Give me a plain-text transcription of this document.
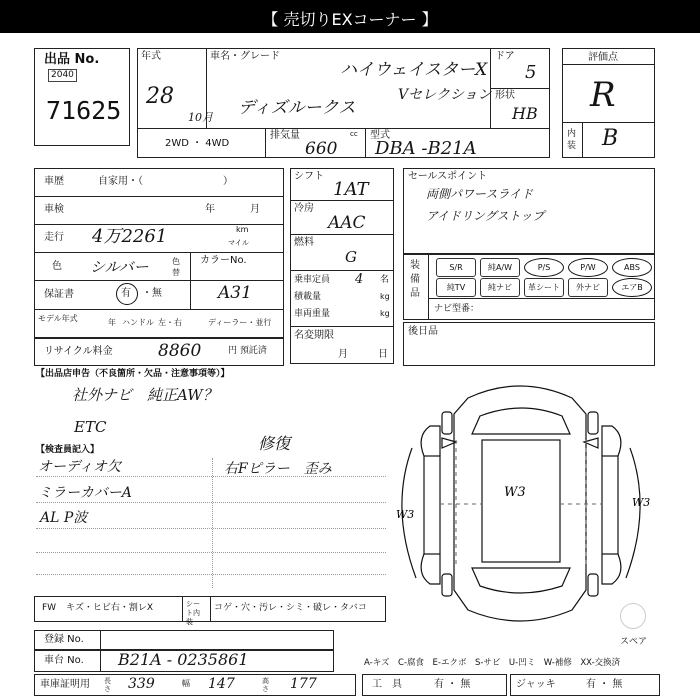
【 売切りEXコーナー 】
出品 No.
2040
71625
年式
28
10月
車名・グレード
ハイウェイスターX
Vセレクション
ディズルークス
ドア
5
形状
HB
2WD ・ 4WD
排気量	cc
660
型式
DBA -B21A
評価点
R
内装 B
車歴	自家用・（　　　　　　　　）
車検	年	月
走行 4万2261	km
マイル
色 シルバー	色替
カラーNo.
A31
保証書	有 ・無
モデル年式	年 ハンドル 左・右	ディーラー・並行
リサイクル料金	8860	円 預託済
シフト
1AT
冷房
AAC
燃料
G
乗車定員 4 名
積載量	kg
車両重量	kg
名変期限
月	日
セールスポイント
両側パワースライド
アイドリングストップ
装備品
ナビ型番：
後日品
【出品店申告（不良箇所・欠品・注意事項等）】
社外ナビ　純正AW？
ETC
【検査員記入】
オーディオ欠
ミラーカバーA
AL P波
修復
右Fピラー　歪み
W3
W3
W3
スペア
FW キズ・ヒビ右・割レX	シート内装
コゲ・穴・汚レ・シミ・破レ・タバコ
登録 No.
車台 No. B21A - 0235861
車庫証明用 長さ 339	幅 147	高さ 177
A-キズ　C-腐食　E-エクボ　S-サビ　U-凹ミ　W-補修　XX-交換済
工　具	有 ・ 無	ジャッキ	有 ・ 無
S/R	純A/W	P/S	P/W	ABS
純TV	純ナビ	革シート	外ナビ	エアB
